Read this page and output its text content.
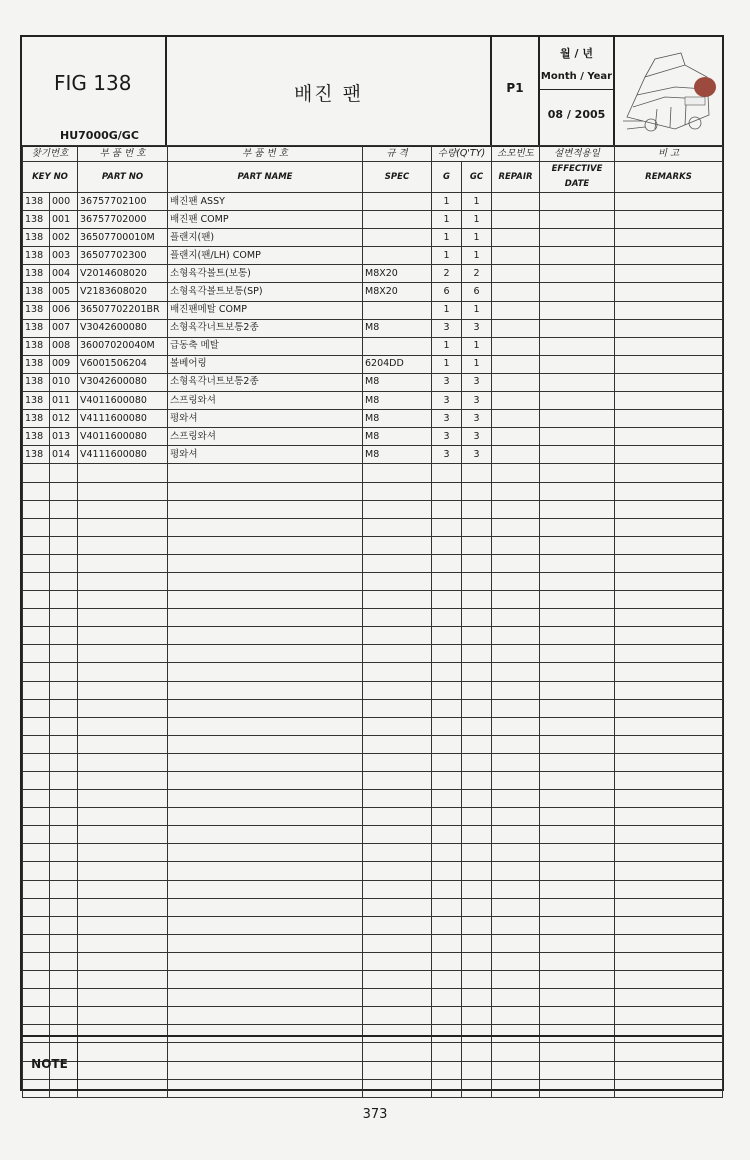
FIG 138
HU7000G/GC
배진 팬	P1
월 / 년
Month / Year
08 / 2005
찾기번호		부 품 번 호	부 품 번 호	규 격	수량(Q'TY)		소모빈도	설변적용일	비 고
KEY NO		PART NO	PART NAME	SPEC	G	GC	REPAIR	EFFECTIVE DATE	REMARKS
138	000	36757702100	배진팬 ASSY		1	1			
138	001	36757702000	배진팬 COMP		1	1			
138	002	36507700010M	플랜지(팬)		1	1			
138	003	36507702300	플랜지(팬/LH) COMP		1	1			
138	004	V2014608020	소형육각볼트(보통)	M8X20	2	2			
138	005	V2183608020	소형육각볼트보통(SP)	M8X20	6	6			
138	006	36507702201BR	배진팬메탈 COMP		1	1			
138	007	V3042600080	소형육각너트보통2종	M8	3	3			
138	008	36007020040M	급동축 메탈		1	1			
138	009	V6001506204	볼베어링	6204DD	1	1			
138	010	V3042600080	소형육각너트보통2종	M8	3	3			
138	011	V4011600080	스프링와셔	M8	3	3			
138	012	V4111600080	평와셔	M8	3	3			
138	013	V4011600080	스프링와셔	M8	3	3			
138	014	V4111600080	평와셔	M8	3	3			

NOTE
373
